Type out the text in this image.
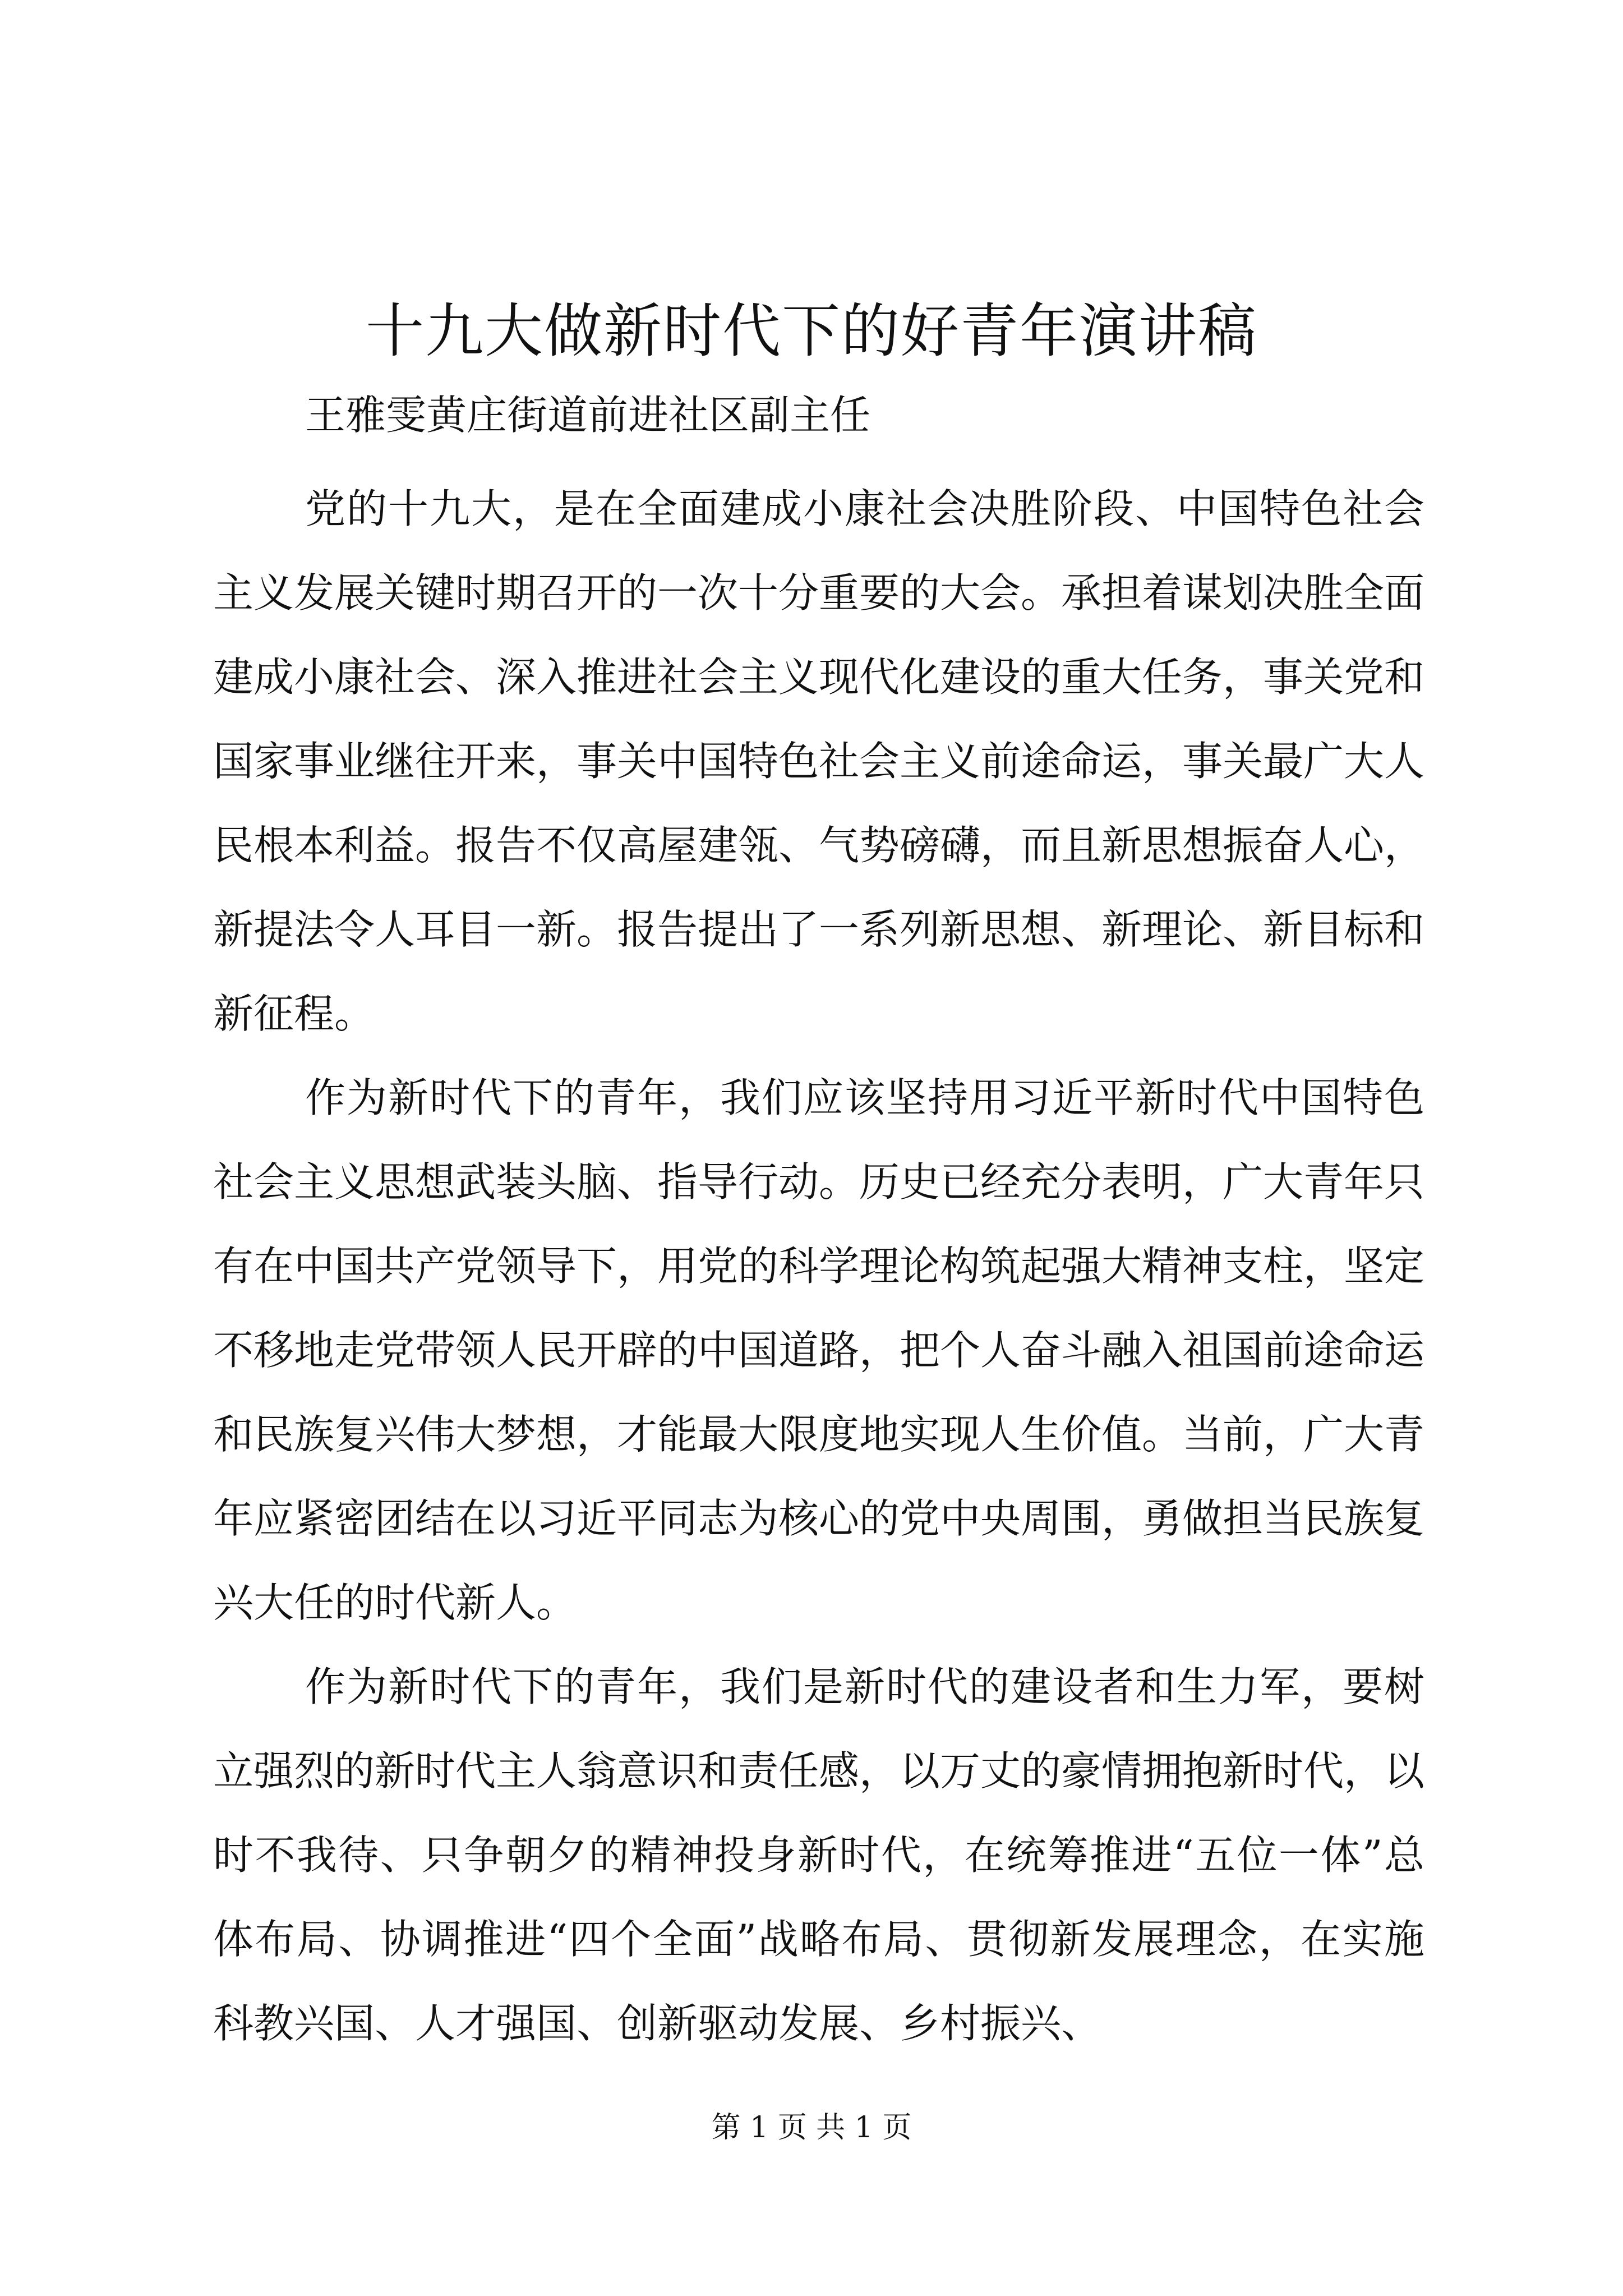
十九大做新时代下的好青年演讲稿

王雅雯黄庄街道前进社区副主任

党的十九大，是在全面建成小康社会决胜阶段、中国特色社会主义发展关键时期召开的一次十分重要的大会。承担着谋划决胜全面建成小康社会、深入推进社会主义现代化建设的重大任务，事关党和国家事业继往开来，事关中国特色社会主义前途命运，事关最广大人民根本利益。报告不仅高屋建瓴、气势磅礴，而且新思想振奋人心，新提法令人耳目一新。报告提出了一系列新思想、新理论、新目标和新征程。

作为新时代下的青年，我们应该坚持用习近平新时代中国特色社会主义思想武装头脑、指导行动。历史已经充分表明，广大青年只有在中国共产党领导下，用党的科学理论构筑起强大精神支柱，坚定不移地走党带领人民开辟的中国道路，把个人奋斗融入祖国前途命运和民族复兴伟大梦想，才能最大限度地实现人生价值。当前，广大青年应紧密团结在以习近平同志为核心的党中央周围，勇做担当民族复兴大任的时代新人。

作为新时代下的青年，我们是新时代的建设者和生力军，要树立强烈的新时代主人翁意识和责任感，以万丈的豪情拥抱新时代，以时不我待、只争朝夕的精神投身新时代，在统筹推进“五位一体”总体布局、协调推进“四个全面”战略布局、贯彻新发展理念，在实施科教兴国、人才强国、创新驱动发展、乡村振兴、

第 1 页 共 1 页
